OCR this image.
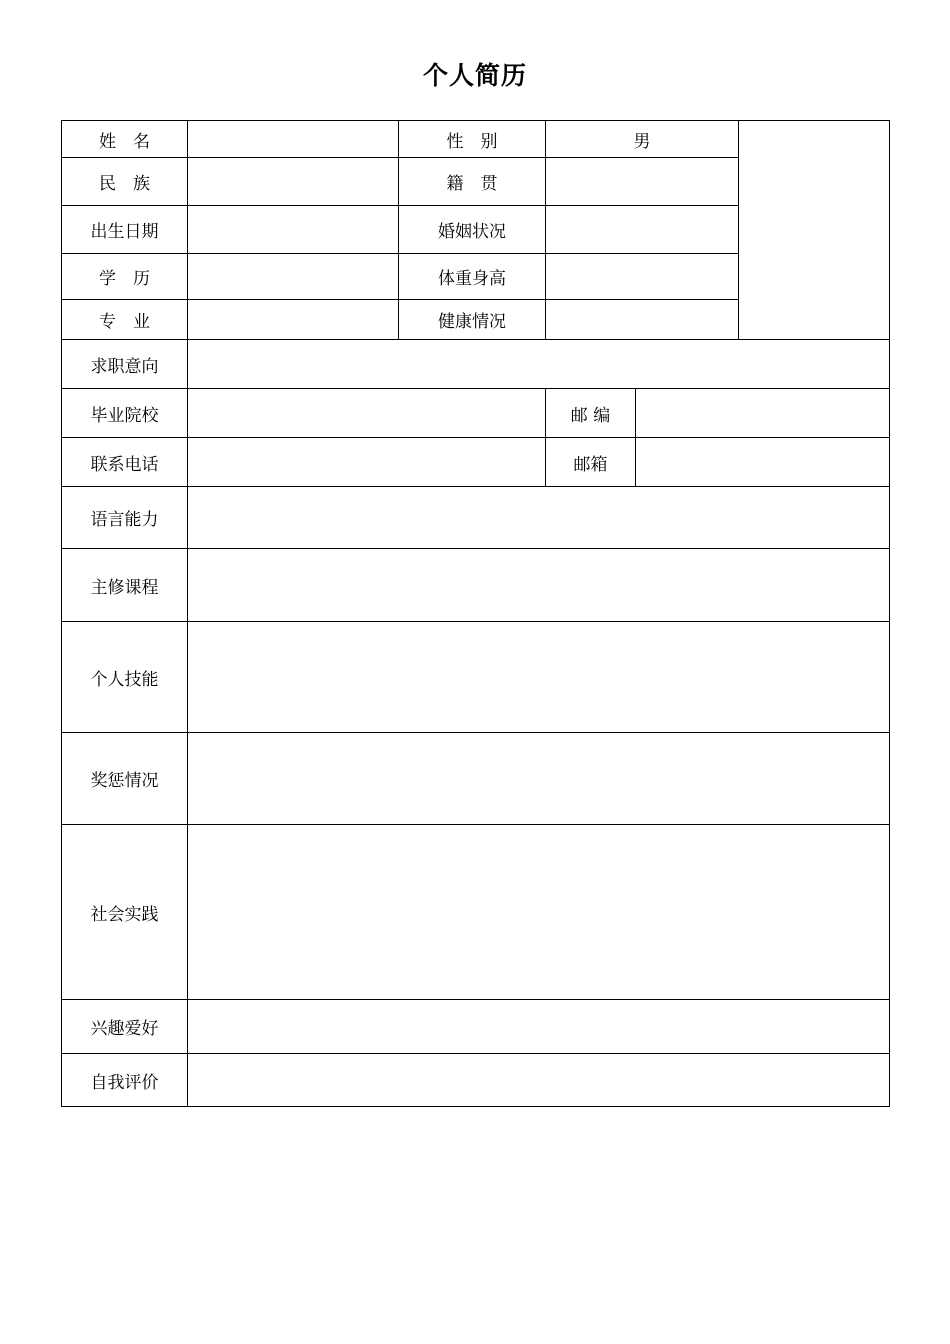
个人简历
姓　名		性　别	男		
民　族		籍　贯			
出生日期		婚姻状况			
学　历		体重身高			
专　业		健康情况			
求职意向					
毕业院校			邮 编		
联系电话			邮箱		
语言能力					
主修课程					
个人技能					
奖惩情况					
社会实践					
兴趣爱好					
自我评价					
